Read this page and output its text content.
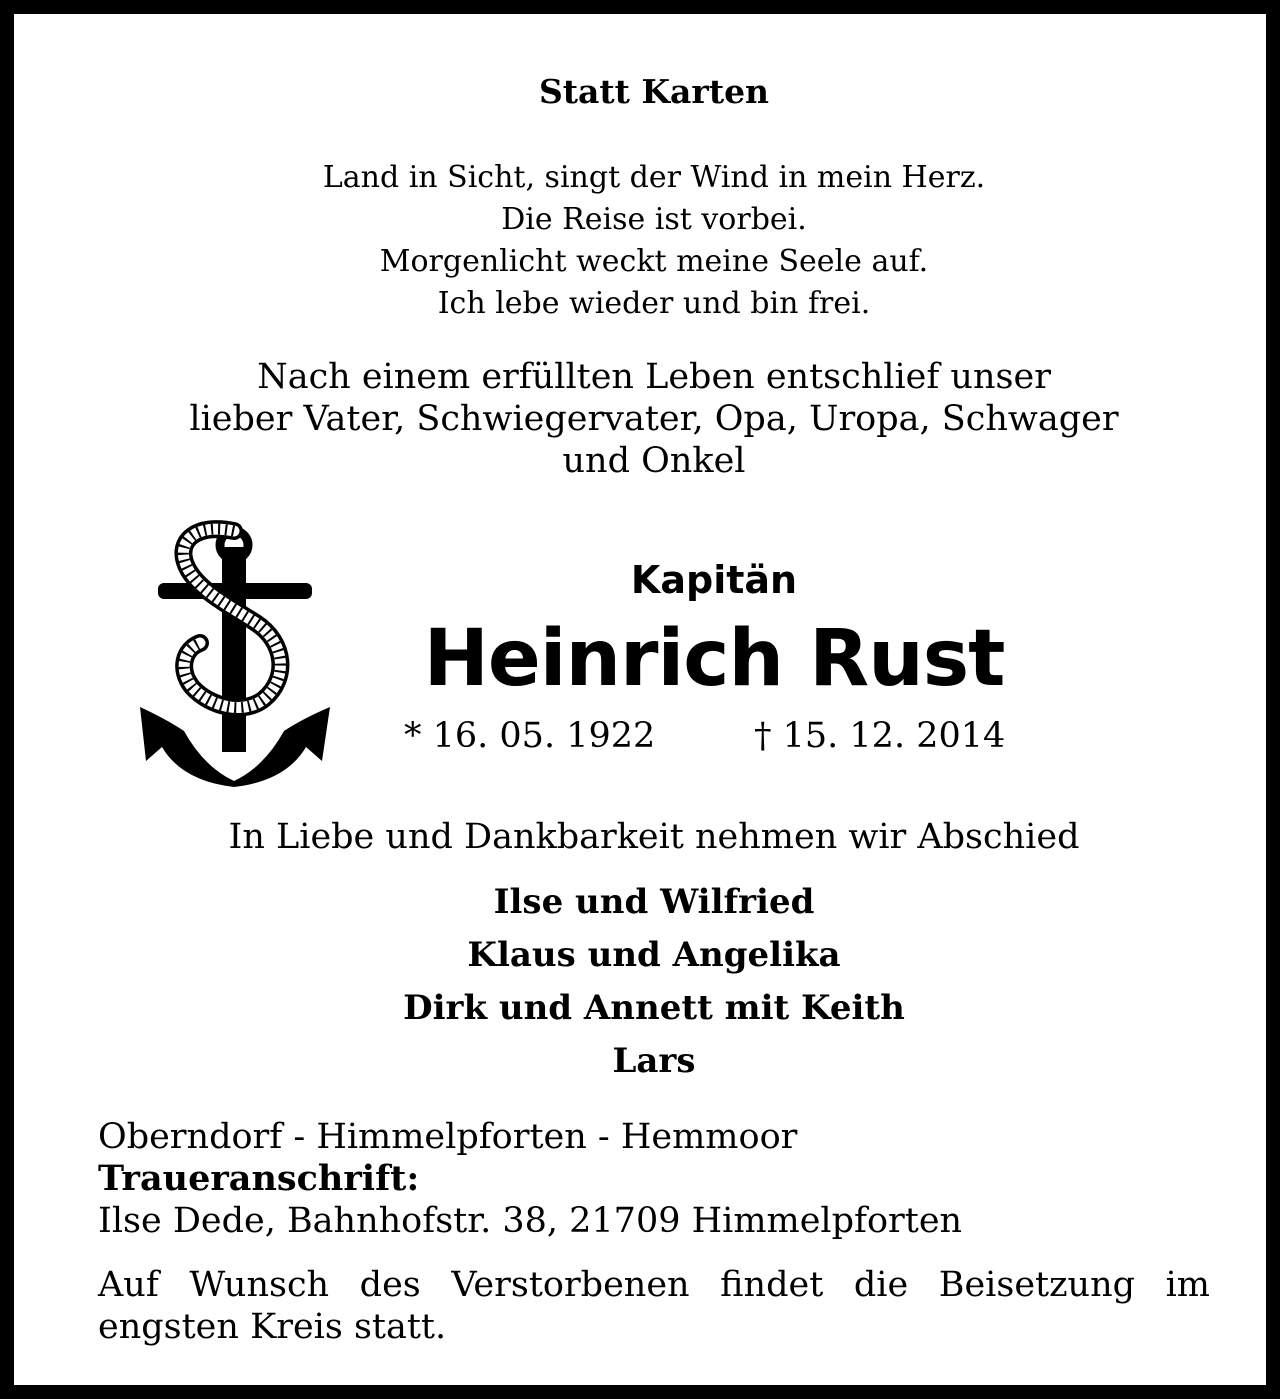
Statt Karten
Land in Sicht, singt der Wind in mein Herz.
Die Reise ist vorbei.
Morgenlicht weckt meine Seele auf.
Ich lebe wieder und bin frei.
Nach einem erfüllten Leben entschlief unser
lieber Vater, Schwiegervater, Opa, Uropa, Schwager
und Onkel
Kapitän
Heinrich Rust
* 16. 05. 1922	† 15. 12. 2014
In Liebe und Dankbarkeit nehmen wir Abschied
Ilse und Wilfried
Klaus und Angelika
Dirk und Annett mit Keith
Lars
Oberndorf - Himmelpforten - Hemmoor
Traueranschrift:
Ilse Dede, Bahnhofstr. 38, 21709 Himmelpforten
Auf Wunsch des Verstorbenen findet die Beisetzung im engsten Kreis statt.
